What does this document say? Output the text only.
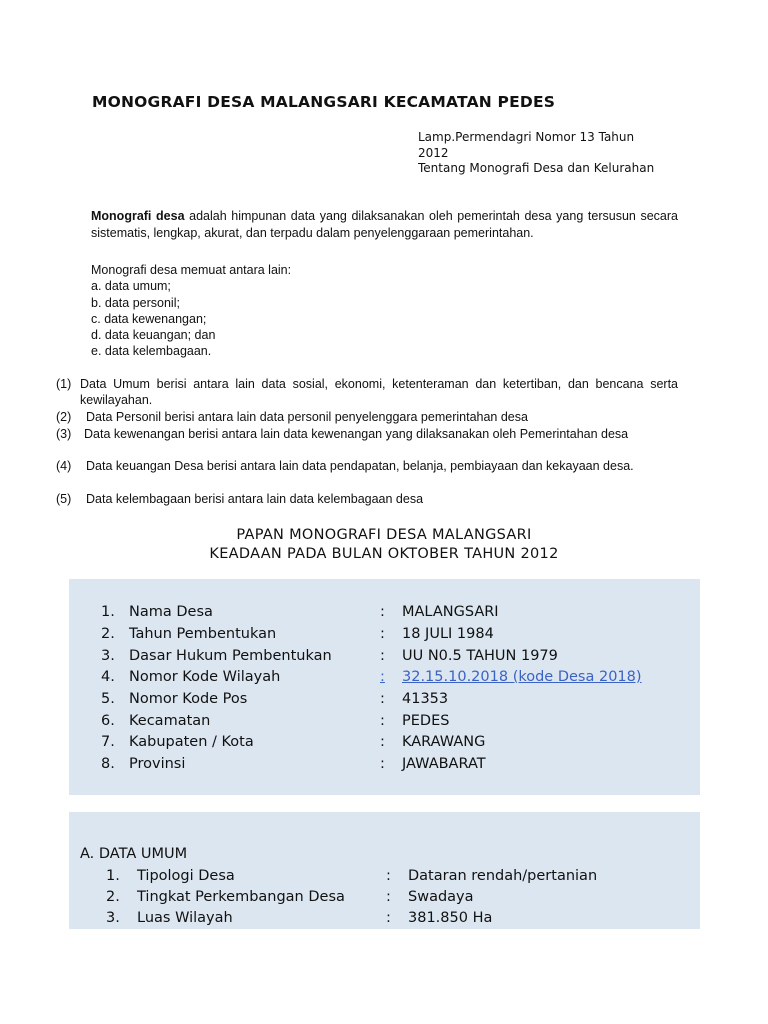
MONOGRAFI DESA MALANGSARI KECAMATAN PEDES
Lamp.Permendagri Nomor 13 Tahun
2012
Tentang Monografi Desa dan Kelurahan
Monografi desa adalah himpunan data yang dilaksanakan oleh pemerintah desa yang tersusun secara sistematis, lengkap, akurat, dan terpadu dalam penyelenggaraan pemerintahan.
Monografi desa memuat antara lain:
a. data umum;
b. data personil;
c. data kewenangan;
d. data keuangan; dan
e. data kelembagaan.
(1) Data Umum berisi antara lain data sosial, ekonomi, ketenteraman dan ketertiban, dan bencana serta kewilayahan.
(2)	Data Personil berisi antara lain data personil penyelenggara pemerintahan desa
(3)	Data kewenangan berisi antara lain data kewenangan yang dilaksanakan oleh Pemerintahan desa
(4)	Data keuangan Desa berisi antara lain data pendapatan, belanja, pembiayaan dan kekayaan desa.
(5)	Data kelembagaan berisi antara lain data kelembagaan desa
PAPAN MONOGRAFI DESA MALANGSARI
KEADAAN PADA BULAN OKTOBER TAHUN 2012
1. Nama Desa	: MALANGSARI
2. Tahun Pembentukan	: 18 JULI 1984
3. Dasar Hukum Pembentukan	: UU N0.5 TAHUN 1979
4. Nomor Kode Wilayah	: 32.15.10.2018 (kode Desa 2018)
5. Nomor Kode Pos	: 41353
6. Kecamatan	: PEDES
7. Kabupaten / Kota	: KARAWANG
8. Provinsi	: JAWABARAT
A. DATA UMUM
1. Tipologi Desa	: Dataran rendah/pertanian
2. Tingkat Perkembangan Desa	: Swadaya
3. Luas Wilayah	: 381.850 Ha
